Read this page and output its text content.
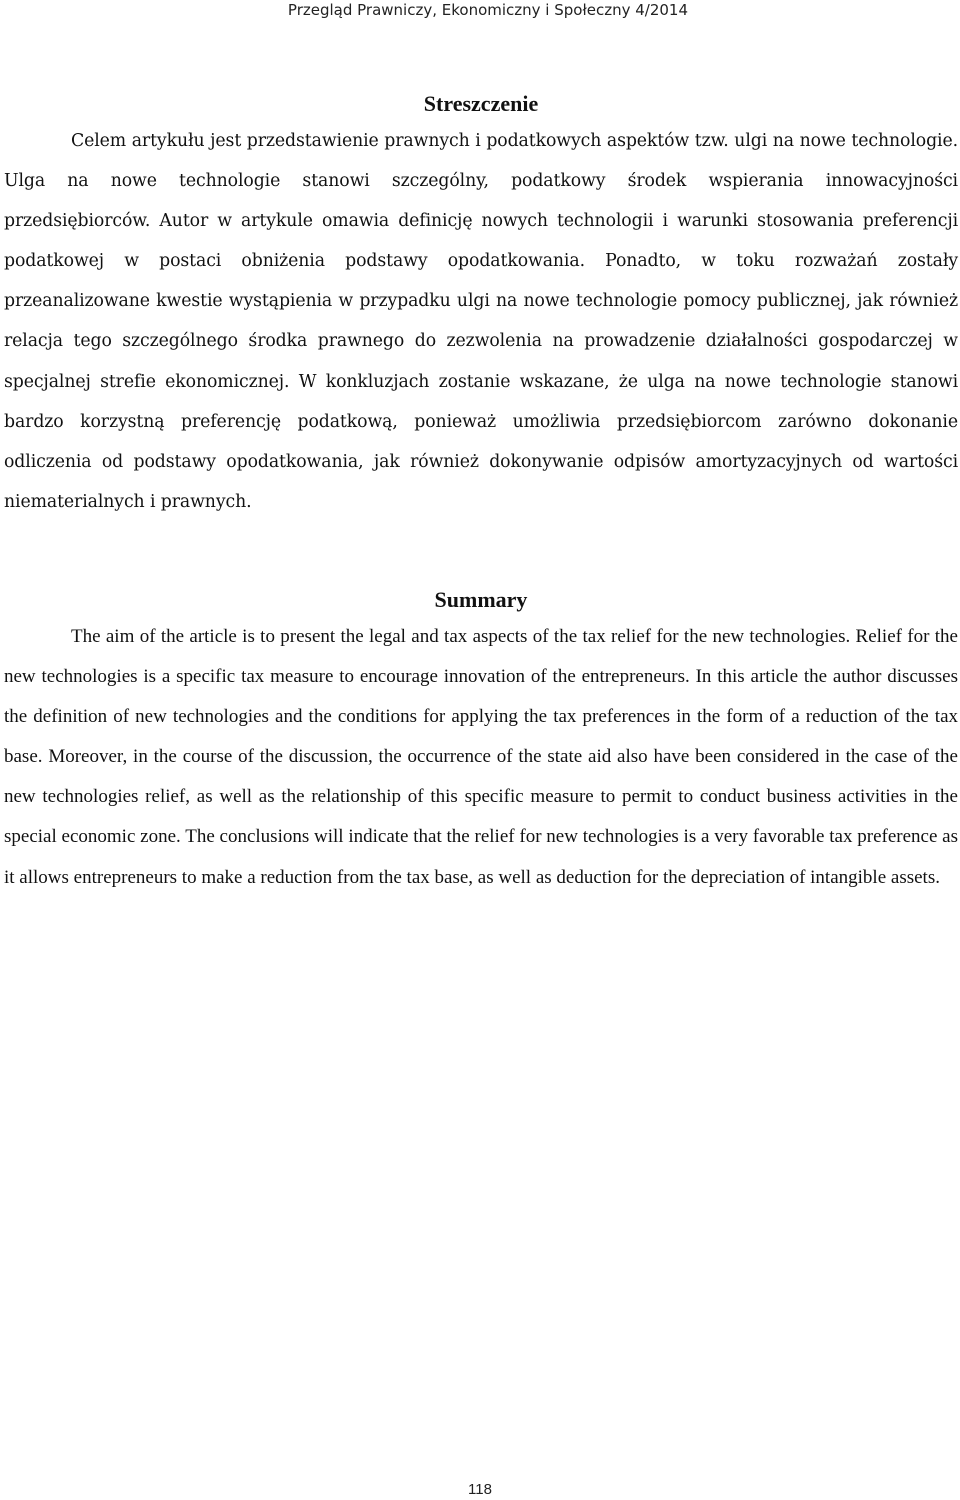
Przegląd Prawniczy, Ekonomiczny i Społeczny 4/2014
Streszczenie

Celem artykułu jest przedstawienie prawnych i podatkowych aspektów tzw. ulgi na nowe technologie. Ulga na nowe technologie stanowi szczególny, podatkowy środek wspierania innowacyjności przedsiębiorców. Autor w artykule omawia definicję nowych technologii i warunki stosowania preferencji podatkowej w postaci obniżenia podstawy opodatkowania. Ponadto, w toku rozważań zostały przeanalizowane kwestie wystąpienia w przypadku ulgi na nowe technologie pomocy publicznej, jak również relacja tego szczególnego środka prawnego do zezwolenia na prowadzenie działalności gospodarczej w specjalnej strefie ekonomicznej. W konkluzjach zostanie wskazane, że ulga na nowe technologie stanowi bardzo korzystną preferencję podatkową, ponieważ umożliwia przedsiębiorcom zarówno dokonanie odliczenia od podstawy opodatkowania, jak również dokonywanie odpisów amortyzacyjnych od wartości niematerialnych i prawnych.

Summary

The aim of the article is to present the legal and tax aspects of the tax relief for the new technologies. Relief for the new technologies is a specific tax measure to encourage innovation of the entrepreneurs. In this article the author discusses the definition of new technologies and the conditions for applying the tax preferences in the form of a reduction of the tax base. Moreover, in the course of the discussion, the occurrence of the state aid also have been considered in the case of the new technologies relief, as well as the relationship of this specific measure to permit to conduct business activities in the special economic zone. The conclusions will indicate that the relief for new technologies is a very favorable tax preference as it allows entrepreneurs to make a reduction from the tax base, as well as deduction for the depreciation of intangible assets.

118
